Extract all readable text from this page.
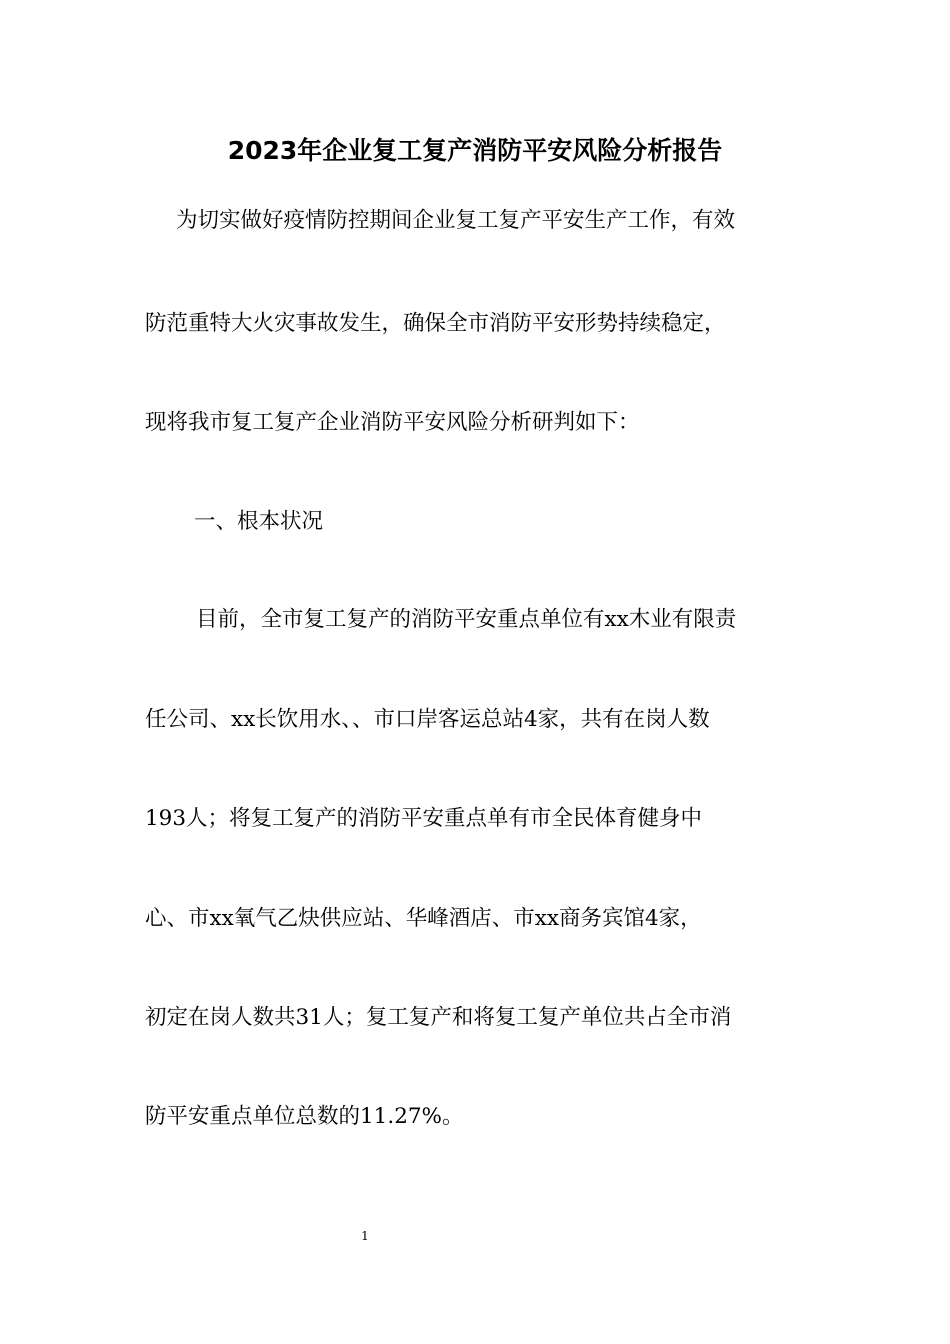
2023年企业复工复产消防平安风险分析报告
为切实做好疫情防控期间企业复工复产平安生产工作，有效
防范重特大火灾事故发生，确保全市消防平安形势持续稳定，
现将我市复工复产企业消防平安风险分析研判如下：
一、根本状况
目前，全市复工复产的消防平安重点单位有xx木业有限责
任公司、xx长饮用水、、市口岸客运总站4家，共有在岗人数
193人；将复工复产的消防平安重点单有市全民体育健身中
心、市xx氧气乙炔供应站、华峰酒店、市xx商务宾馆4家，
初定在岗人数共31人；复工复产和将复工复产单位共占全市消
防平安重点单位总数的11.27%。
1
